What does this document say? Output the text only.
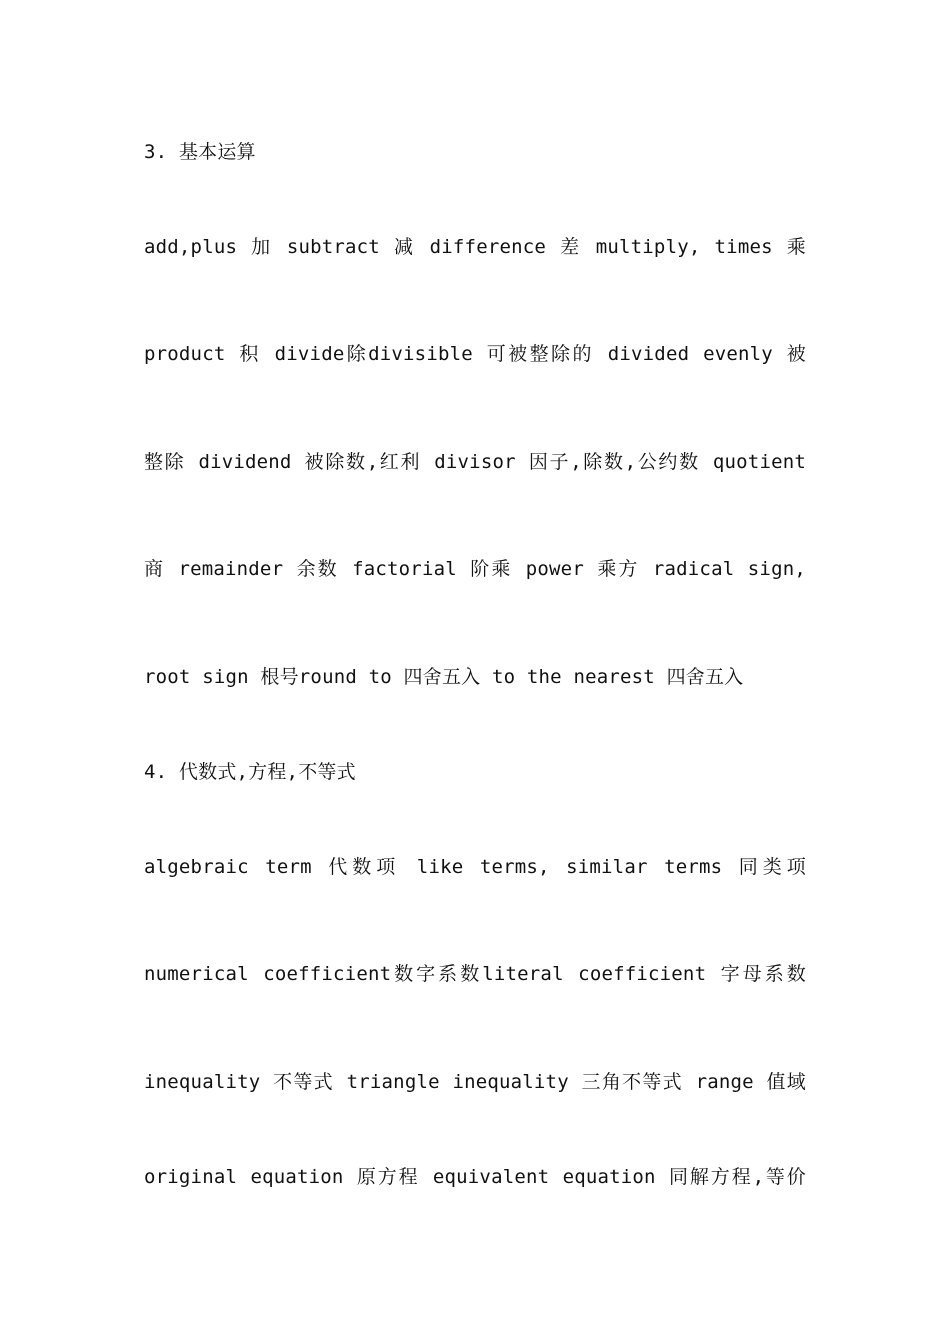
3. 基本运算
add,plus 加 subtract 减 difference 差 multiply, times 乘
product 积 divide除divisible 可被整除的 divided evenly 被
整除 dividend 被除数,红利 divisor 因子,除数,公约数 quotient
商 remainder 余数 factorial 阶乘 power 乘方 radical sign,
root sign 根号round to 四舍五入 to the nearest 四舍五入
4. 代数式,方程,不等式
algebraic term 代数项 like terms, similar terms 同类项
numerical coefficient数字系数literal coefficient 字母系数
inequality 不等式 triangle inequality 三角不等式 range 值域
original equation 原方程 equivalent equation 同解方程,等价
